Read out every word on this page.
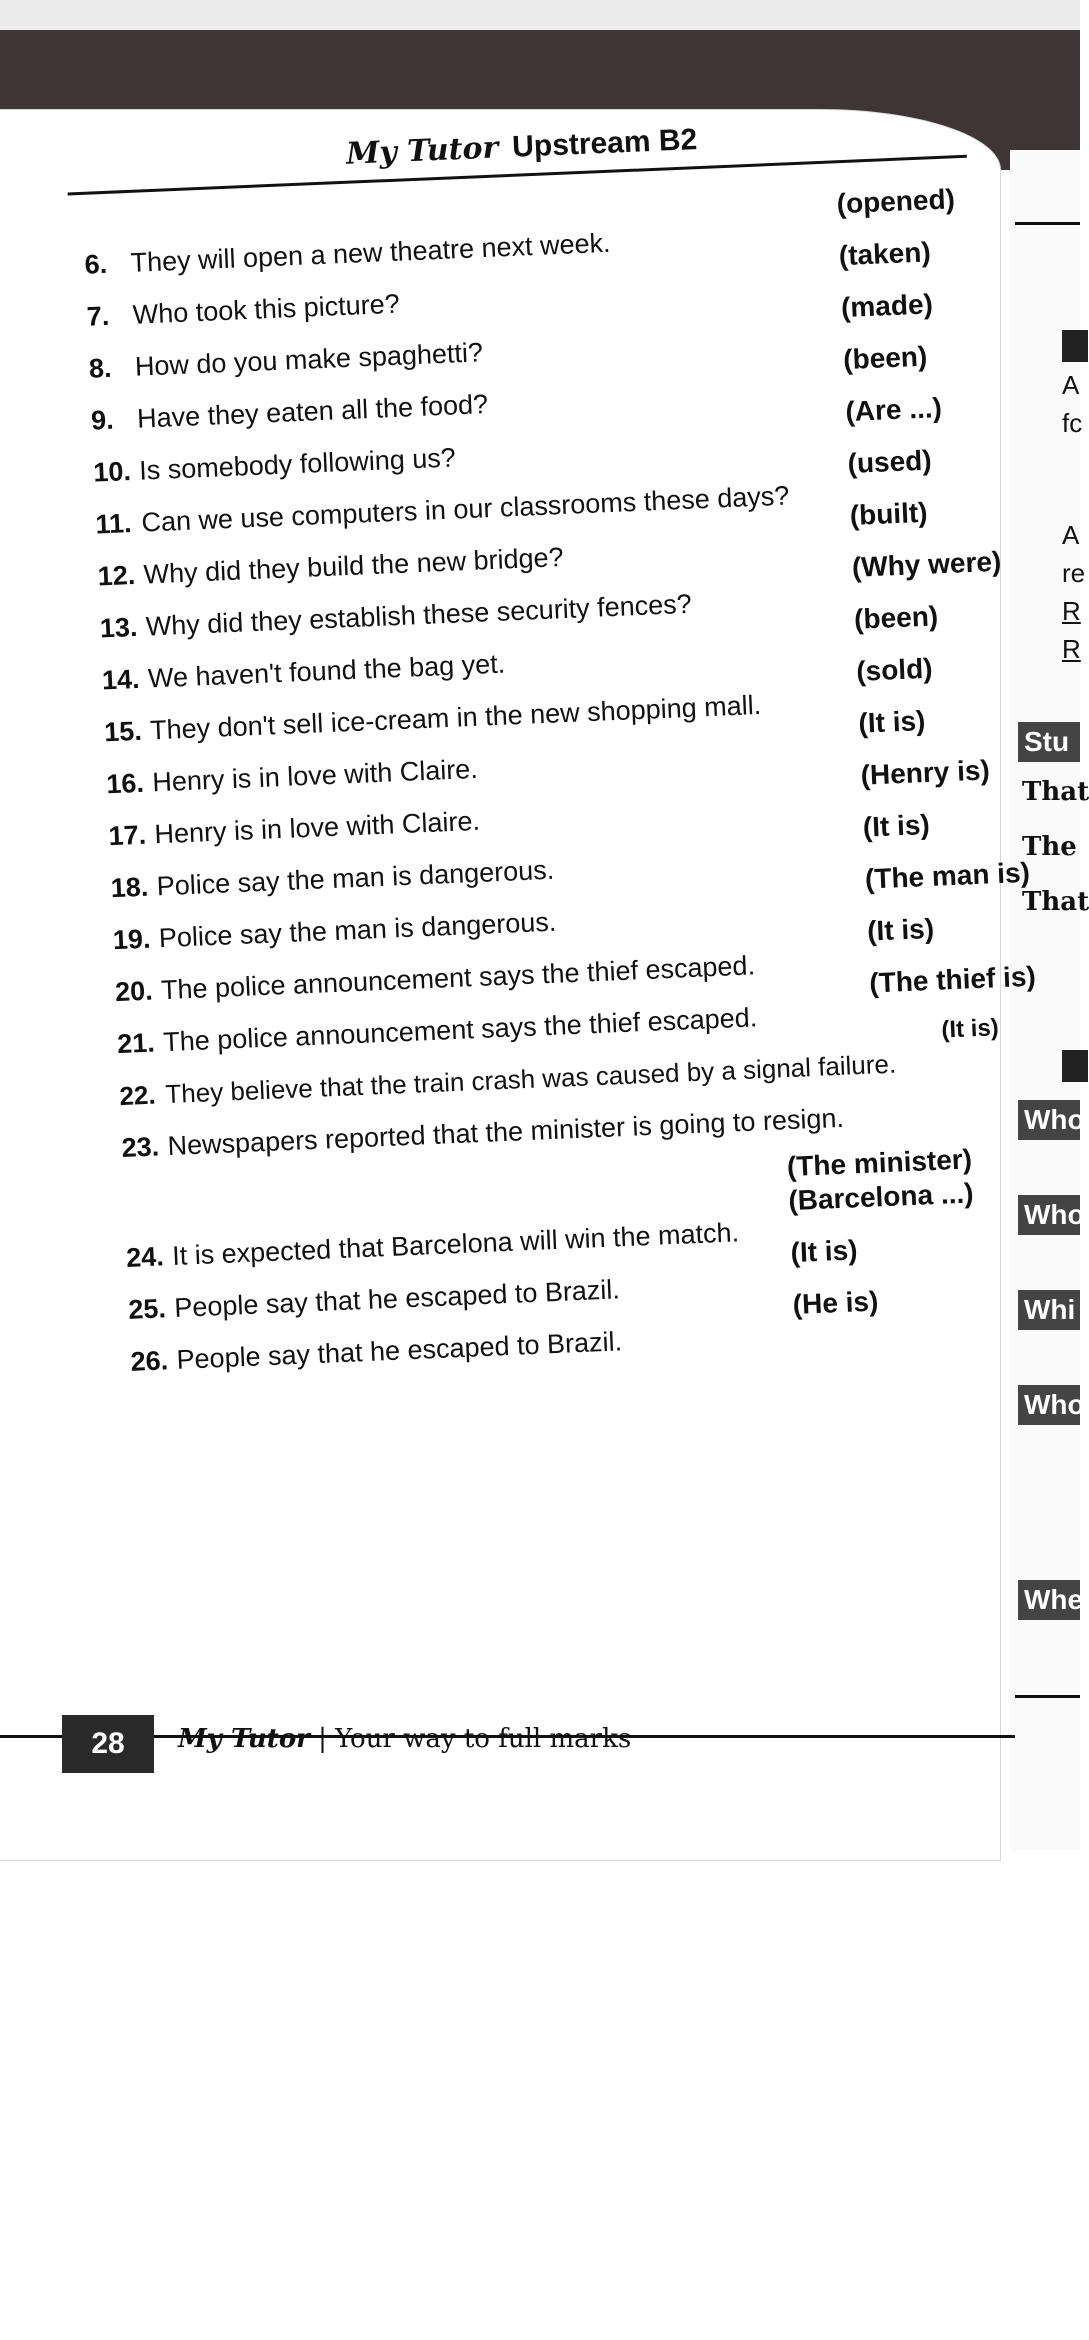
My Tutor Upstream B2
6. They will open a new theatre next week.
(opened)
7. Who took this picture?
(taken)
8. How do you make spaghetti?
(made)
9. Have they eaten all the food?
(been)
10. Is somebody following us?
(Are ...)
11. Can we use computers in our classrooms these days?
(used)
12. Why did they build the new bridge?
(built)
13. Why did they establish these security fences?
(Why were)
14. We haven't found the bag yet.
(been)
15. They don't sell ice-cream in the new shopping mall.
(sold)
16. Henry is in love with Claire.
(It is)
17. Henry is in love with Claire.
(Henry is)
18. Police say the man is dangerous.
(It is)
19. Police say the man is dangerous.
(The man is)
20. The police announcement says the thief escaped.
(It is)
21. The police announcement says the thief escaped.
(The thief is)
22. They believe that the train crash was caused by a signal failure.
(It is)
23. Newspapers reported that the minister is going to resign.
(The minister)
24. It is expected that Barcelona will win the match.
(Barcelona ...)
25. People say that he escaped to Brazil.
(It is)
26. People say that he escaped to Brazil.
(He is)
28	My Tutor | Your way to full marks
A
fc
A
re
R
R
That
The
That
Stu
Who
Who
Whi
Who
Whe
